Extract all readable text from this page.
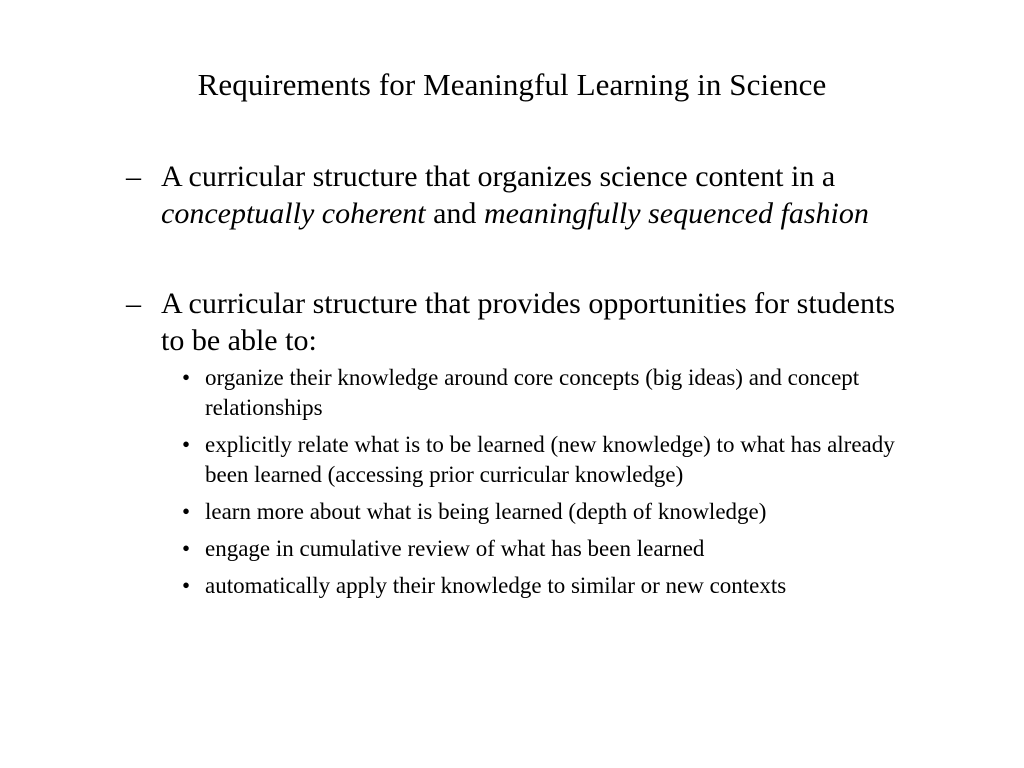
Requirements for Meaningful Learning in Science
– A curricular structure that organizes science content in a conceptually coherent and meaningfully sequenced fashion
– A curricular structure that provides opportunities for students to be able to:
• organize their knowledge around core concepts (big ideas) and concept relationships
• explicitly relate what is to be learned (new knowledge) to what has already been learned (accessing prior curricular knowledge)
• learn more about what is being learned (depth of knowledge)
• engage in cumulative review of what has been learned
• automatically apply their knowledge to similar or new contexts
